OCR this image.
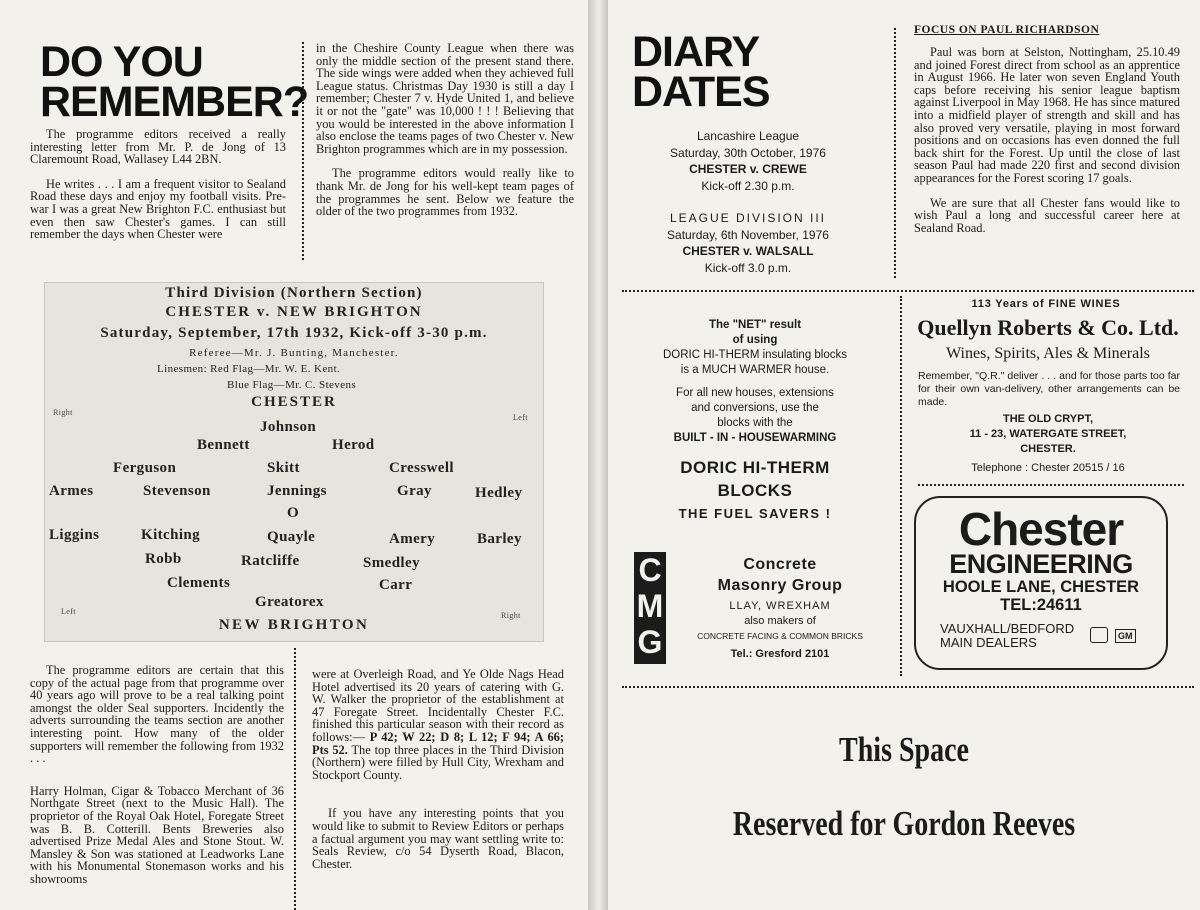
DO YOU
REMEMBER?

The programme editors received a really interesting letter from Mr. P. de Jong of 13 Claremount Road, Wallasey L44 2BN.

He writes . . . I am a frequent visitor to Sealand Road these days and enjoy my football visits. Pre-war I was a great New Brighton F.C. enthusiast but even then saw Chester's games. I can still remember the days when Chester were

in the Cheshire County League when there was only the middle section of the present stand there. The side wings were added when they achieved full League status. Christmas Day 1930 is still a day I remember; Chester 7 v. Hyde United 1, and believe it or not the "gate" was 10,000 ! ! ! Believing that you would be interested in the above information I also enclose the teams pages of two Chester v. New Brighton programmes which are in my possession.

The programme editors would really like to thank Mr. de Jong for his well-kept team pages of the programmes he sent. Below we feature the older of the two programmes from 1932.

Third Division (Northern Section)
CHESTER v. NEW BRIGHTON
Saturday, September, 17th 1932, Kick-off 3-30 p.m.
Referee—Mr. J. Bunting, Manchester.
Linesmen: Red Flag—Mr. W. E. Kent.
Blue Flag—Mr. C. Stevens
CHESTER
Right
Left
Johnson
Bennett	Herod
Ferguson	Skitt	Cresswell
Armes	Stevenson	Jennings	Gray	Hedley
O
Liggins	Kitching	Quayle	Amery	Barley
Robb	Ratcliffe	Smedley
Clements	Carr
Greatorex
Left
NEW BRIGHTON
Right

The programme editors are certain that this copy of the actual page from that programme over 40 years ago will prove to be a real talking point amongst the older Seal supporters. Incidently the adverts surrounding the teams section are another interesting point. How many of the older supporters will remember the following from 1932 . . .

Harry Holman, Cigar & Tobacco Merchant of 36 Northgate Street (next to the Music Hall). The proprietor of the Royal Oak Hotel, Foregate Street was B. B. Cotterill. Bents Breweries also advertised Prize Medal Ales and Stone Stout. W. Mansley & Son was stationed at Leadworks Lane with his Monumental Stonemason works and his showrooms

were at Overleigh Road, and Ye Olde Nags Head Hotel advertised its 20 years of catering with G. W. Walker the proprietor of the establishment at 47 Foregate Street. Incidentally Chester F.C. finished this particular season with their record as follows:— P 42; W 22; D 8; L 12; F 94; A 66; Pts 52. The top three places in the Third Division (Northern) were filled by Hull City, Wrexham and Stockport County.

If you have any interesting points that you would like to submit to Review Editors or perhaps a factual argument you may want settling write to: Seals Review, c/o 54 Dyserth Road, Blacon, Chester.

DIARY
DATES
Lancashire League
Saturday, 30th October, 1976
CHESTER v. CREWE
Kick-off 2.30 p.m.
LEAGUE DIVISION III
Saturday, 6th November, 1976
CHESTER v. WALSALL
Kick-off 3.0 p.m.
FOCUS ON PAUL RICHARDSON

Paul was born at Selston, Nottingham, 25.10.49 and joined Forest direct from school as an apprentice in August 1966. He later won seven England Youth caps before receiving his senior league baptism against Liverpool in May 1968. He has since matured into a midfield player of strength and skill and has also proved very versatile, playing in most forward positions and on occasions has even donned the full back shirt for the Forest. Up until the close of last season Paul had made 220 first and second division appearances for the Forest scoring 17 goals.

We are sure that all Chester fans would like to wish Paul a long and successful career here at Sealand Road.

The "NET" result
of using
DORIC HI-THERM insulating blocks
is a MUCH WARMER house.
For all new houses, extensions
and conversions, use the
blocks with the
BUILT - IN - HOUSEWARMING
DORIC HI-THERM
BLOCKS
THE FUEL SAVERS !
C
M
G
Concrete
Masonry Group
LLAY, WREXHAM
also makers of
CONCRETE FACING & COMMON BRICKS
Tel.: Gresford 2101
113 Years of FINE WINES
Quellyn Roberts & Co. Ltd.
Wines, Spirits, Ales & Minerals
Remember, "Q.R." deliver . . . and for those parts too far for their own van-delivery, other arrangements can be made.
THE OLD CRYPT,
11 - 23, WATERGATE STREET,
CHESTER.
Telephone : Chester 20515 / 16
Chester
ENGINEERING
HOOLE LANE, CHESTER
TEL:24611
VAUXHALL/BEDFORD
MAIN DEALERS	GM
This Space
Reserved for Gordon Reeves
